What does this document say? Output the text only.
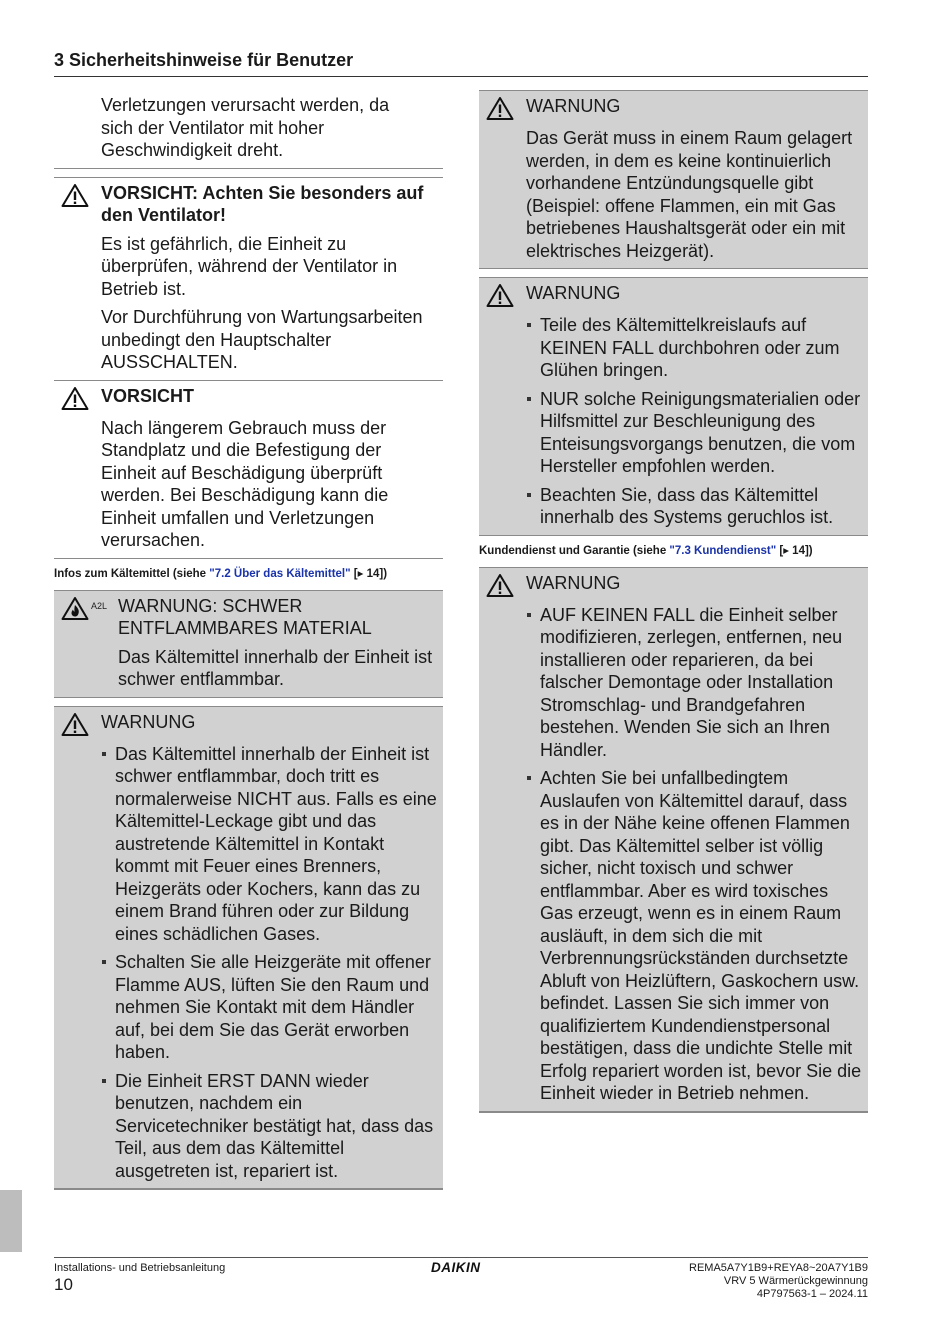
3 Sicherheitshinweise für Benutzer
Verletzungen verursacht werden, da
sich der Ventilator mit hoher
Geschwindigkeit dreht.
VORSICHT: Achten Sie besonders auf den Ventilator!
Es ist gefährlich, die Einheit zu überprüfen, während der Ventilator in Betrieb ist.
Vor Durchführung von Wartungsarbeiten unbedingt den Hauptschalter AUSSCHALTEN.
VORSICHT
Nach längerem Gebrauch muss der Standplatz und die Befestigung der Einheit auf Beschädigung überprüft werden. Bei Beschädigung kann die Einheit umfallen und Verletzungen verursachen.
Infos zum Kältemittel (siehe "7.2 Über das Kältemittel" [▸ 14])
A2L WARNUNG: SCHWER ENTFLAMMBARES MATERIAL
Das Kältemittel innerhalb der Einheit ist schwer entflammbar.
WARNUNG
Das Kältemittel innerhalb der Einheit ist schwer entflammbar, doch tritt es normalerweise NICHT aus. Falls es eine Kältemittel-Leckage gibt und das austretende Kältemittel in Kontakt kommt mit Feuer eines Brenners, Heizgeräts oder Kochers, kann das zu einem Brand führen oder zur Bildung eines schädlichen Gases.
Schalten Sie alle Heizgeräte mit offener Flamme AUS, lüften Sie den Raum und nehmen Sie Kontakt mit dem Händler auf, bei dem Sie das Gerät erworben haben.
Die Einheit ERST DANN wieder benutzen, nachdem ein Servicetechniker bestätigt hat, dass das Teil, aus dem das Kältemittel ausgetreten ist, repariert ist.
WARNUNG
Das Gerät muss in einem Raum gelagert werden, in dem es keine kontinuierlich vorhandene Entzündungsquelle gibt (Beispiel: offene Flammen, ein mit Gas betriebenes Haushaltsgerät oder ein mit elektrisches Heizgerät).
WARNUNG
Teile des Kältemittelkreislaufs auf KEINEN FALL durchbohren oder zum Glühen bringen.
NUR solche Reinigungsmaterialien oder Hilfsmittel zur Beschleunigung des Enteisungsvorgangs benutzen, die vom Hersteller empfohlen werden.
Beachten Sie, dass das Kältemittel innerhalb des Systems geruchlos ist.
Kundendienst und Garantie (siehe "7.3 Kundendienst" [▸ 14])
WARNUNG
AUF KEINEN FALL die Einheit selber modifizieren, zerlegen, entfernen, neu installieren oder reparieren, da bei falscher Demontage oder Installation Stromschlag- und Brandgefahren bestehen. Wenden Sie sich an Ihren Händler.
Achten Sie bei unfallbedingtem Auslaufen von Kältemittel darauf, dass es in der Nähe keine offenen Flammen gibt. Das Kältemittel selber ist völlig sicher, nicht toxisch und schwer entflammbar. Aber es wird toxisches Gas erzeugt, wenn es in einem Raum ausläuft, in dem sich die mit Verbrennungsrückständen durchsetzte Abluft von Heizlüftern, Gaskochern usw. befindet. Lassen Sie sich immer von qualifiziertem Kundendienstpersonal bestätigen, dass die undichte Stelle mit Erfolg repariert worden ist, bevor Sie die Einheit wieder in Betrieb nehmen.
Installations- und Betriebsanleitung
10
DAIKIN	REMA5A7Y1B9+REYA8~20A7Y1B9
VRV 5 Wärmerückgewinnung
4P797563-1 – 2024.11
